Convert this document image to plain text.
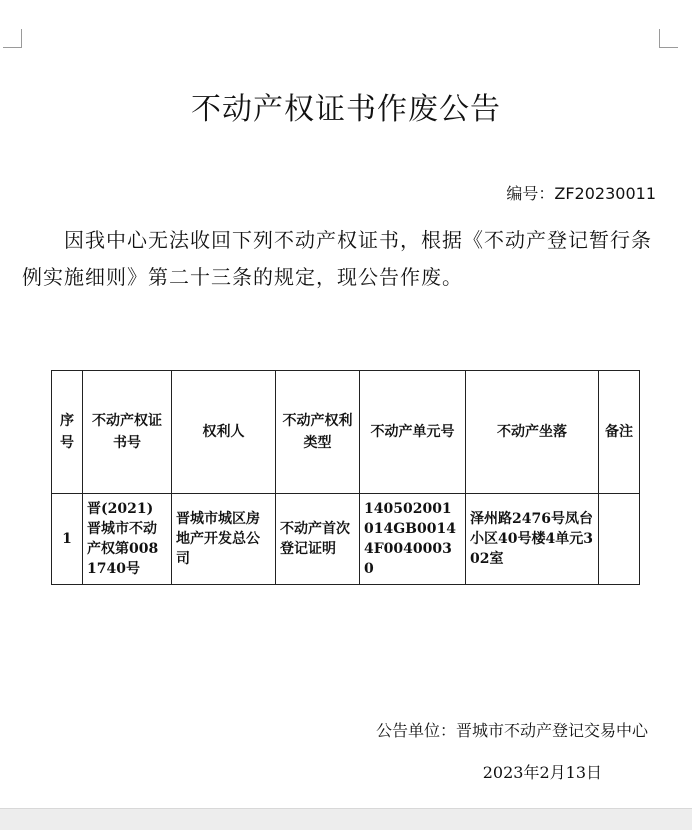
不动产权证书作废公告
编号：ZF20230011

因我中心无法收回下列不动产权证书，根据《不动产登记暂行条例实施细则》第二十三条的规定，现公告作废。

序号	不动产权证书号	权利人	不动产权利类型	不动产单元号	不动产坐落	备注
1	晋(2021)晋城市不动产权第0081740号	晋城市城区房地产开发总公司	不动产首次登记证明	140502001014GB00144F00400030	泽州路2476号凤台小区40号楼4单元302室	
公告单位：晋城市不动产登记交易中心
2023年2月13日
